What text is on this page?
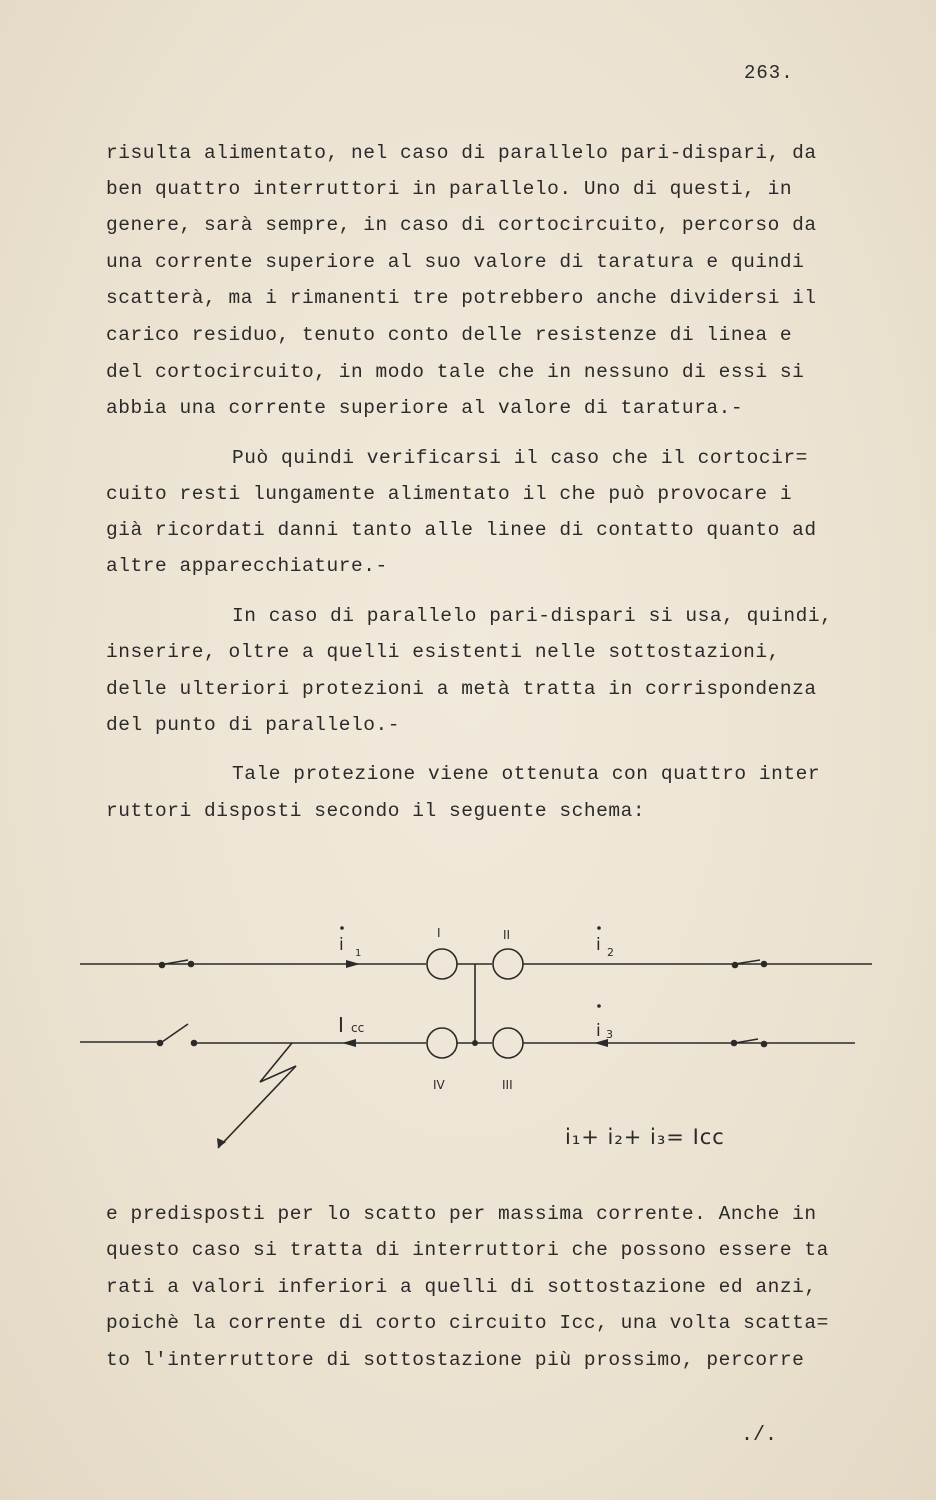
263.
risulta alimentato, nel caso di parallelo pari-dispari, da
ben quattro interruttori in parallelo. Uno di questi, in
genere, sarà sempre, in caso di cortocircuito, percorso da
una corrente superiore al suo valore di taratura e quindi
scatterà, ma i rimanenti tre potrebbero anche dividersi il
carico residuo, tenuto conto delle resistenze di linea e
del cortocircuito, in modo tale che in nessuno di essi si
abbia una corrente superiore al valore di taratura.-
Può quindi verificarsi il caso che il cortocir=
cuito resti lungamente alimentato il che può provocare i
già ricordati danni tanto alle linee di contatto quanto ad
altre apparecchiature.-
In caso di parallelo pari-dispari si usa, quindi,
inserire, oltre a quelli esistenti nelle sottostazioni,
delle ulteriori protezioni a metà tratta in corrispondenza
del punto di parallelo.-
Tale protezione viene ottenuta con quattro inter
ruttori disposti secondo il seguente schema:
i 1	i 2
i 3
I cc
I	II
III
IV
i₁+ i₂+ i₃= Icc
e predisposti per lo scatto per massima corrente. Anche in
questo caso si tratta di interruttori che possono essere ta
rati a valori inferiori a quelli di sottostazione ed anzi,
poichè la corrente di corto circuito Icc, una volta scatta=
to l'interruttore di sottostazione più prossimo, percorre
./.
